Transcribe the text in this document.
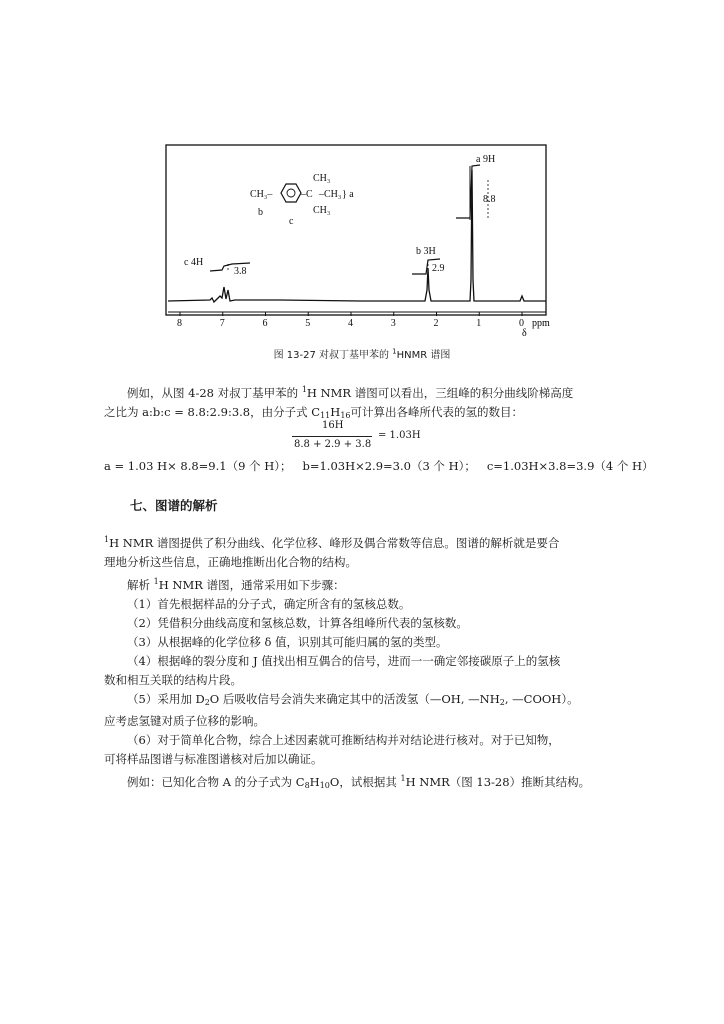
CH₃–	–C
CH₃
–CH₃
CH₃
} a
b
c
a 9H
8.8
b 3H
2.9
c 4H
3.8
8	7	6	5	4	3	2	1	0 ppm
δ
图 13-27 对叔丁基甲苯的 $^1$HNMR 谱图
例如，从图 4-28 对叔丁基甲苯的 $^1$H NMR 谱图可以看出，三组峰的积分曲线阶梯高度
之比为 a:b:c = 8.8:2.9:3.8，由分子式 $C_{11}H_{16}$可计算出各峰所代表的氢的数目：
16H
8.8 + 2.9 + 3.8
= 1.03H
a = 1.03 H× 8.8=9.1（9 个 H）；   b=1.03H×2.9=3.0（3 个 H）；   c=1.03H×3.8=3.9（4 个 H）
七、图谱的解析
$^1$H NMR 谱图提供了积分曲线、化学位移、峰形及偶合常数等信息。图谱的解析就是要合
理地分析这些信息，正确地推断出化合物的结构。
解析 $^1$H NMR 谱图，通常采用如下步骤：
（1）首先根据样品的分子式，确定所含有的氢核总数。
（2）凭借积分曲线高度和氢核总数，计算各组峰所代表的氢核数。
（3）从根据峰的化学位移 δ 值，识别其可能归属的氢的类型。
（4）根据峰的裂分度和 J 值找出相互偶合的信号，进而一一确定邻接碳原子上的氢核
数和相互关联的结构片段。
（5）采用加 $D_2O$ 后吸收信号会消失来确定其中的活泼氢（—OH, $—NH_2$, —COOH）。
应考虑氢键对质子位移的影响。
（6）对于简单化合物，综合上述因素就可推断结构并对结论进行核对。对于已知物，
可将样品图谱与标准图谱核对后加以确证。
例如：已知化合物 A 的分子式为 $C_8H_{10}O$，试根据其 $^1$H NMR（图 13-28）推断其结构。
